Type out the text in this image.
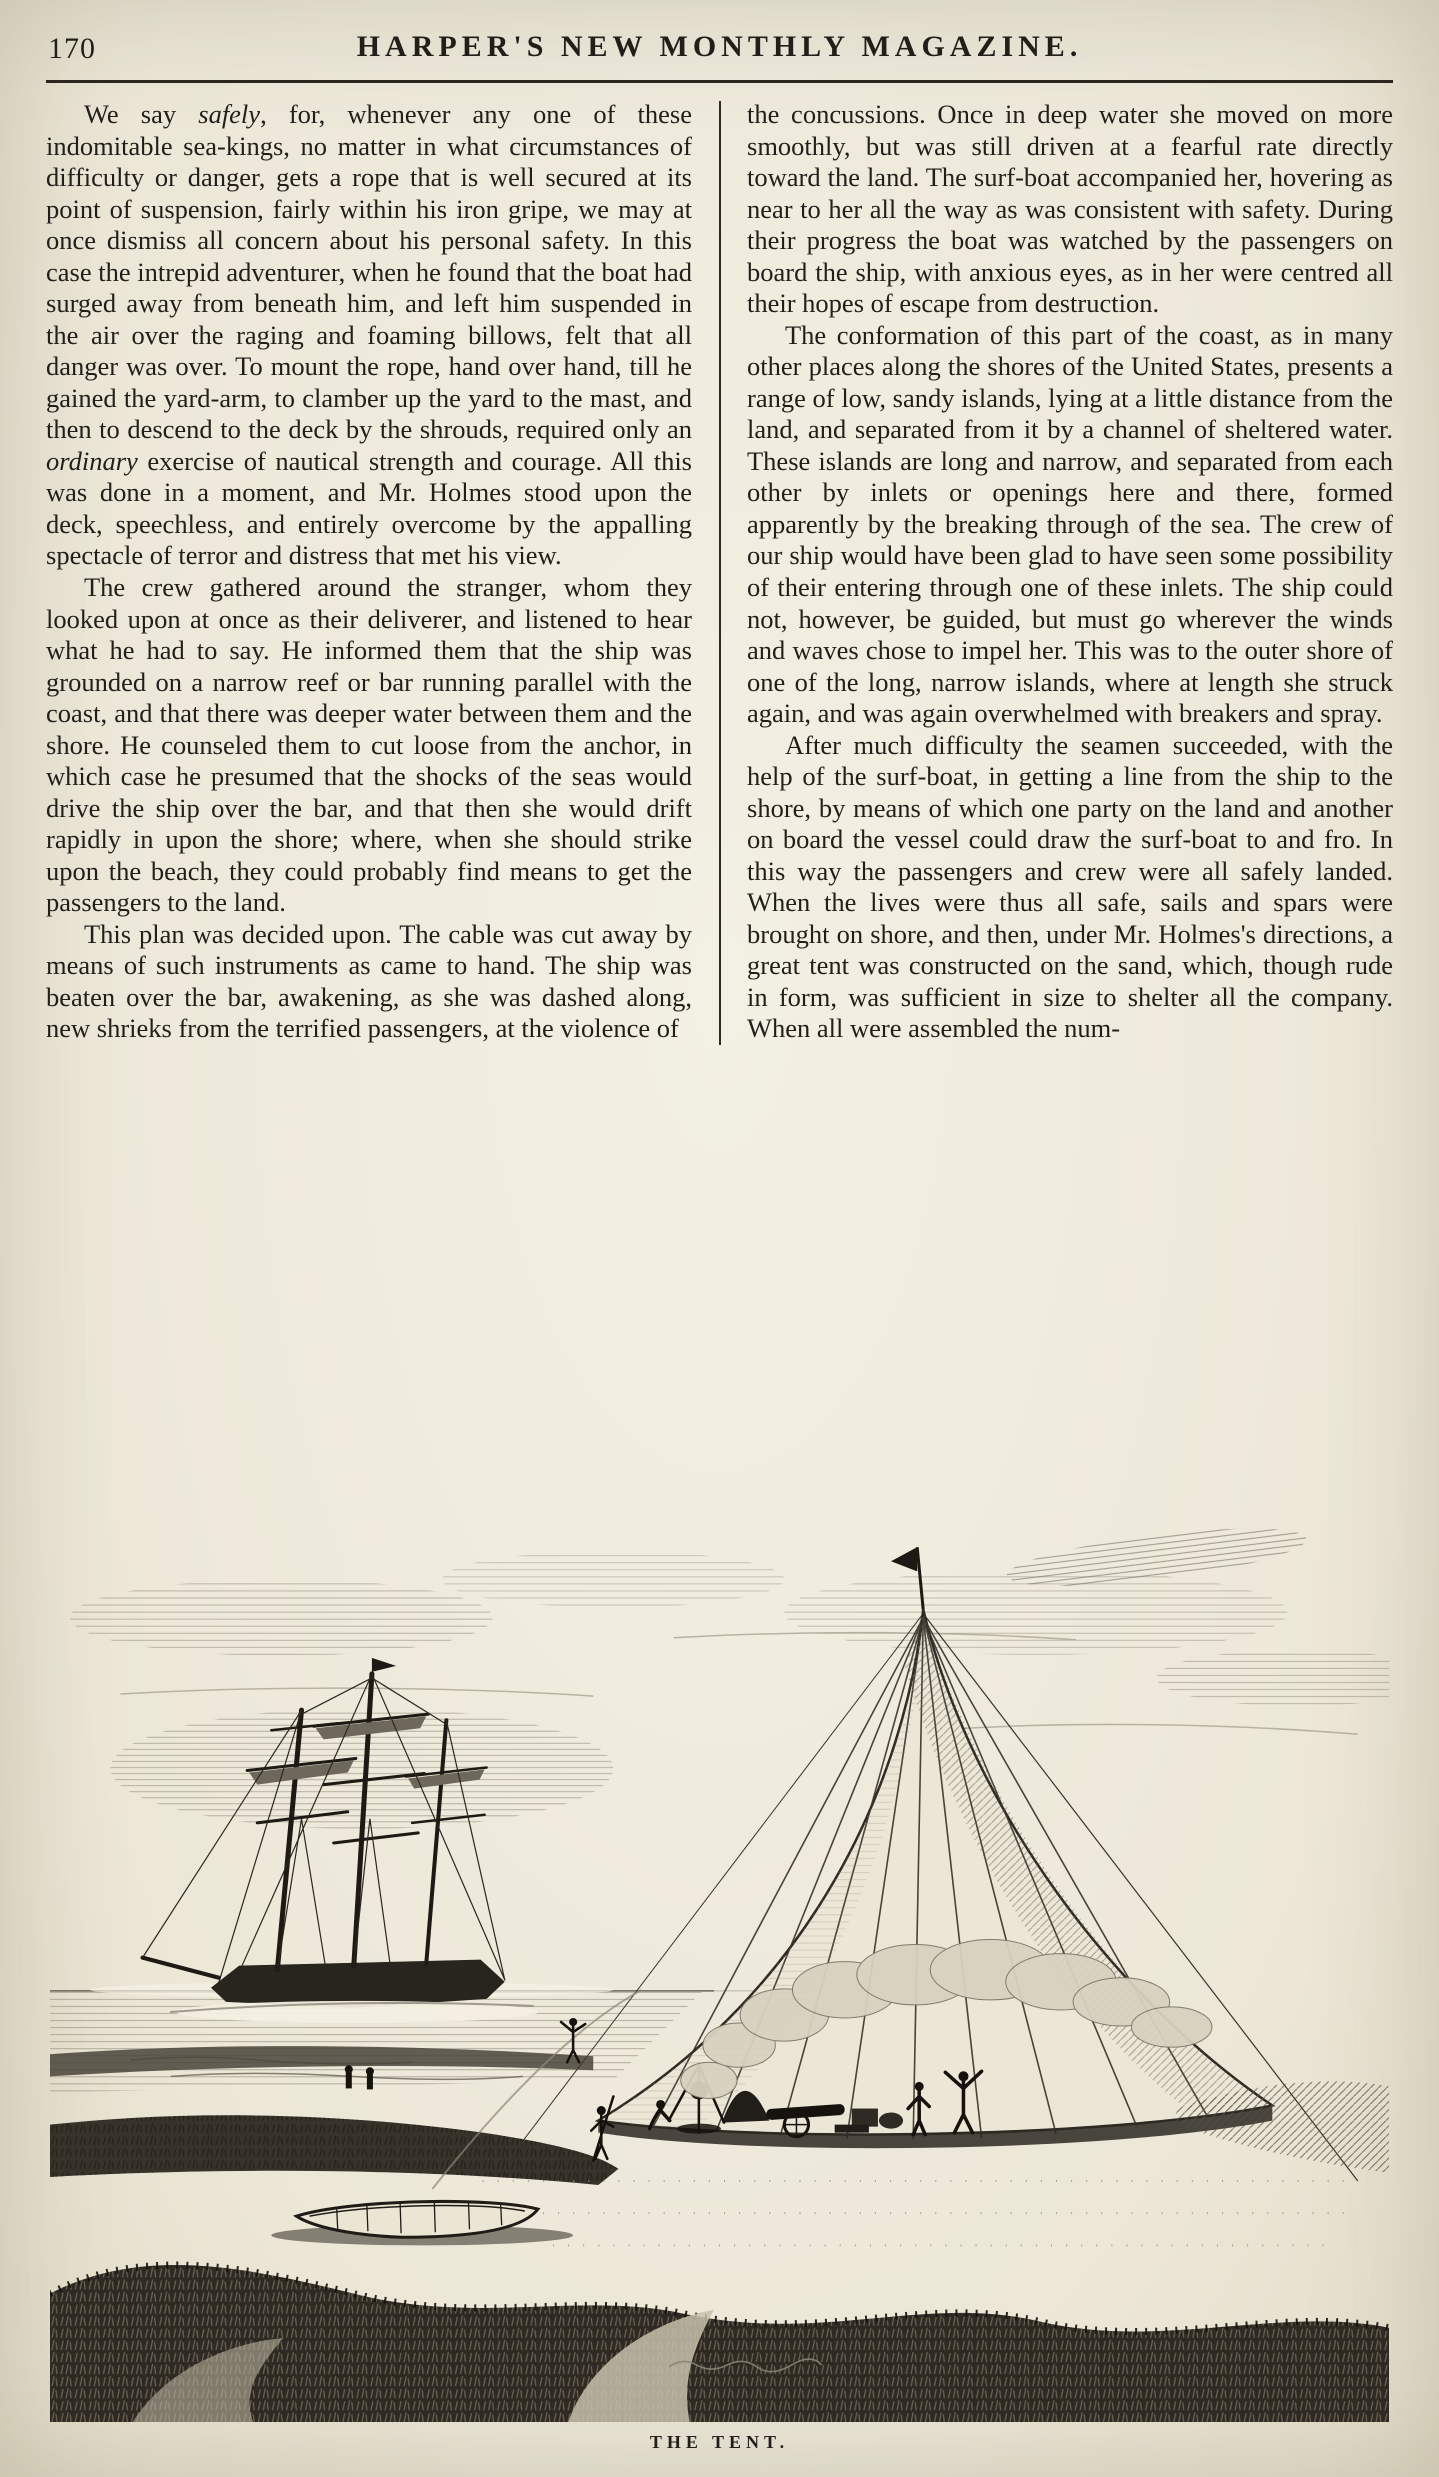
170	HARPER'S NEW MONTHLY MAGAZINE.

We say safely, for, whenever any one of these indomitable sea-kings, no matter in what circumstances of difficulty or danger, gets a rope that is well secured at its point of suspension, fairly within his iron gripe, we may at once dismiss all concern about his personal safety. In this case the intrepid adventurer, when he found that the boat had surged away from beneath him, and left him suspended in the air over the raging and foaming billows, felt that all danger was over. To mount the rope, hand over hand, till he gained the yard-arm, to clamber up the yard to the mast, and then to descend to the deck by the shrouds, required only an ordinary exercise of nautical strength and courage. All this was done in a moment, and Mr. Holmes stood upon the deck, speechless, and entirely overcome by the appalling spectacle of terror and distress that met his view.

The crew gathered around the stranger, whom they looked upon at once as their deliverer, and listened to hear what he had to say. He informed them that the ship was grounded on a narrow reef or bar running parallel with the coast, and that there was deeper water between them and the shore. He counseled them to cut loose from the anchor, in which case he presumed that the shocks of the seas would drive the ship over the bar, and that then she would drift rapidly in upon the shore; where, when she should strike upon the beach, they could probably find means to get the passengers to the land.

This plan was decided upon. The cable was cut away by means of such instruments as came to hand. The ship was beaten over the bar, awakening, as she was dashed along, new shrieks from the terrified passengers, at the violence of

the concussions. Once in deep water she moved on more smoothly, but was still driven at a fearful rate directly toward the land. The surf-boat accompanied her, hovering as near to her all the way as was consistent with safety. During their progress the boat was watched by the passengers on board the ship, with anxious eyes, as in her were centred all their hopes of escape from destruction.

The conformation of this part of the coast, as in many other places along the shores of the United States, presents a range of low, sandy islands, lying at a little distance from the land, and separated from it by a channel of sheltered water. These islands are long and narrow, and separated from each other by inlets or openings here and there, formed apparently by the breaking through of the sea. The crew of our ship would have been glad to have seen some possibility of their entering through one of these inlets. The ship could not, however, be guided, but must go wherever the winds and waves chose to impel her. This was to the outer shore of one of the long, narrow islands, where at length she struck again, and was again overwhelmed with breakers and spray.

After much difficulty the seamen succeeded, with the help of the surf-boat, in getting a line from the ship to the shore, by means of which one party on the land and another on board the vessel could draw the surf-boat to and fro. In this way the passengers and crew were all safely landed. When the lives were thus all safe, sails and spars were brought on shore, and then, under Mr. Holmes's directions, a great tent was constructed on the sand, which, though rude in form, was sufficient in size to shelter all the company. When all were assembled the num-

THE TENT.
